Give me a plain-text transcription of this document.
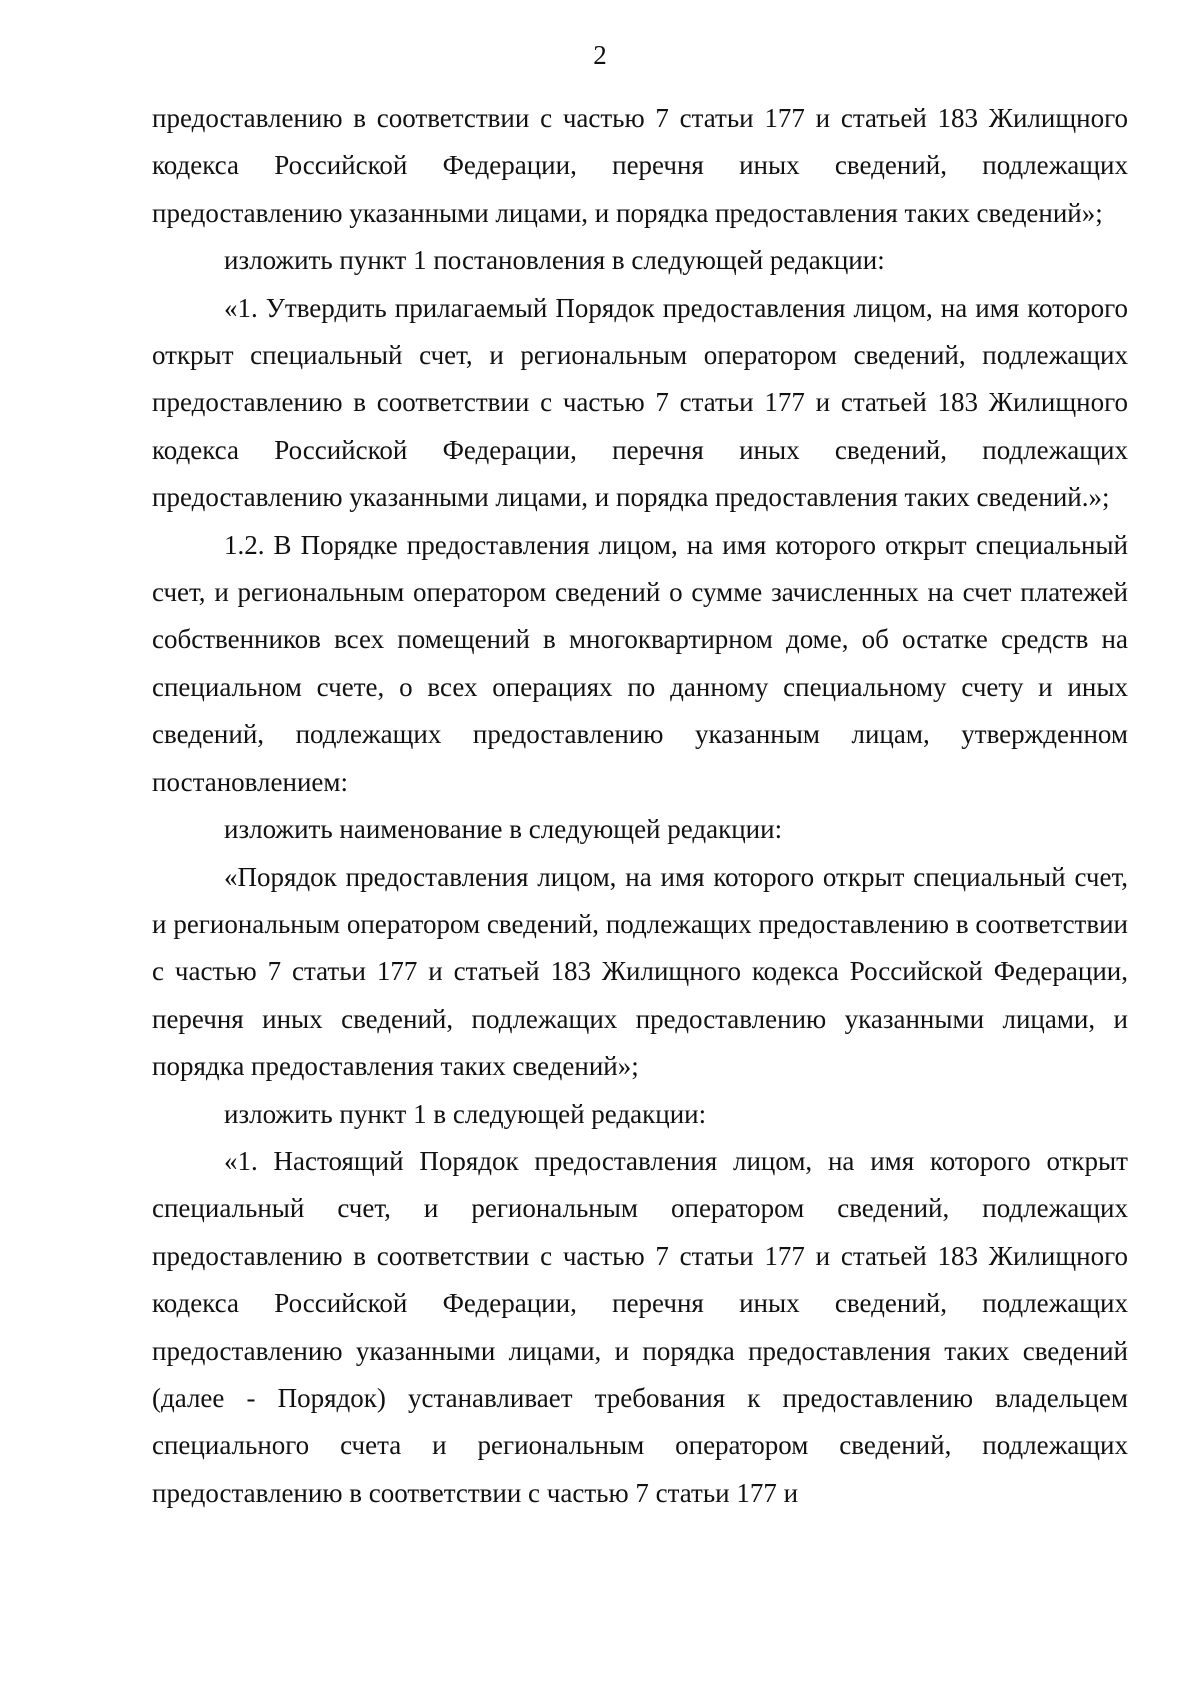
2

предоставлению в соответствии с частью 7 статьи 177 и статьей 183 Жилищного кодекса Российской Федерации, перечня иных сведений, подлежащих предоставлению указанными лицами, и порядка предоставления таких сведений»;

изложить пункт 1 постановления в следующей редакции:

«1. Утвердить прилагаемый Порядок предоставления лицом, на имя которого открыт специальный счет, и региональным оператором сведений, подлежащих предоставлению в соответствии с частью 7 статьи 177 и статьей 183 Жилищного кодекса Российской Федерации, перечня иных сведений, подлежащих предоставлению указанными лицами, и порядка предоставления таких сведений.»;

1.2. В Порядке предоставления лицом, на имя которого открыт специальный счет, и региональным оператором сведений о сумме зачисленных на счет платежей собственников всех помещений в многоквартирном доме, об остатке средств на специальном счете, о всех операциях по данному специальному счету и иных сведений, подлежащих предоставлению указанным лицам, утвержденном постановлением:

изложить наименование в следующей редакции:

«Порядок предоставления лицом, на имя которого открыт специальный счет, и региональным оператором сведений, подлежащих предоставлению в соответствии с частью 7 статьи 177 и статьей 183 Жилищного кодекса Российской Федерации, перечня иных сведений, подлежащих предоставлению указанными лицами, и порядка предоставления таких сведений»;

изложить пункт 1 в следующей редакции:

«1. Настоящий Порядок предоставления лицом, на имя которого открыт специальный счет, и региональным оператором сведений, подлежащих предоставлению в соответствии с частью 7 статьи 177 и статьей 183 Жилищного кодекса Российской Федерации, перечня иных сведений, подлежащих предоставлению указанными лицами, и порядка предоставления таких сведений (далее - Порядок) устанавливает требования к предоставлению владельцем специального счета и региональным оператором сведений, подлежащих предоставлению в соответствии с частью 7 статьи 177 и
